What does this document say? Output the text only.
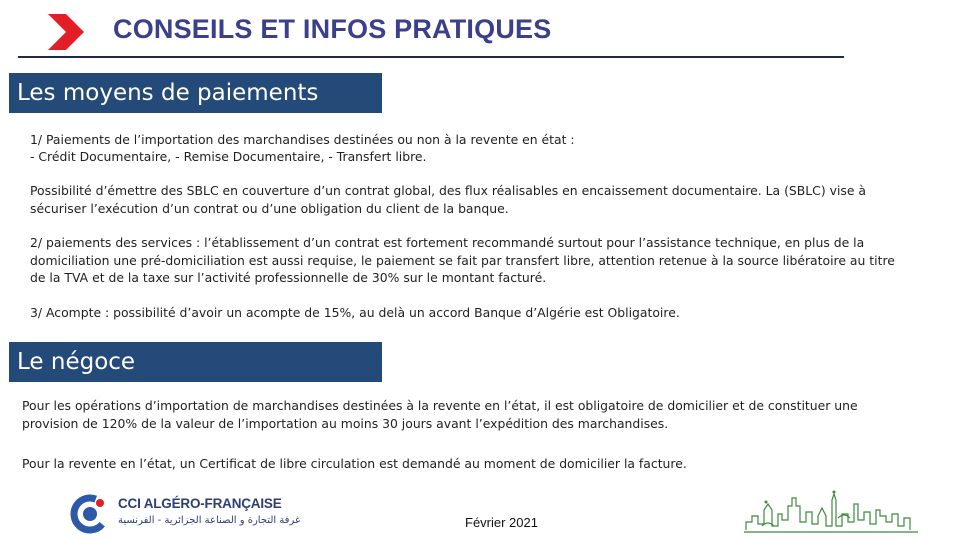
CONSEILS ET INFOS PRATIQUES
Les moyens de paiements

1/ Paiements de l’importation des marchandises destinées ou non à la revente en état :

- Crédit Documentaire, - Remise Documentaire, - Transfert libre.

Possibilité d’émettre des SBLC en couverture d’un contrat global, des flux réalisables en encaissement documentaire. La (SBLC) vise à sécuriser l’exécution d’un contrat ou d’une obligation du client de la banque.

2/ paiements des services : l’établissement d’un contrat est fortement recommandé surtout pour l’assistance technique, en plus de la domiciliation une pré-domiciliation est aussi requise, le paiement se fait par transfert libre, attention retenue à la source libératoire au titre de la TVA et de la taxe sur l’activité professionnelle de 30% sur le montant facturé.

3/ Acompte : possibilité d’avoir un acompte de 15%, au delà un accord Banque d’Algérie est Obligatoire.

Le négoce

Pour les opérations d’importation de marchandises destinées à la revente en l’état, il est obligatoire de domicilier et de constituer une provision de 120% de la valeur de l’importation au moins 30 jours avant l’expédition des marchandises.

Pour la revente en l’état, un Certificat de libre circulation est demandé au moment de domicilier la facture.

CCI ALGÉRO-FRANÇAISE
غرفة التجارة و الصناعة الجزائرية - الفرنسية	Février 2021
